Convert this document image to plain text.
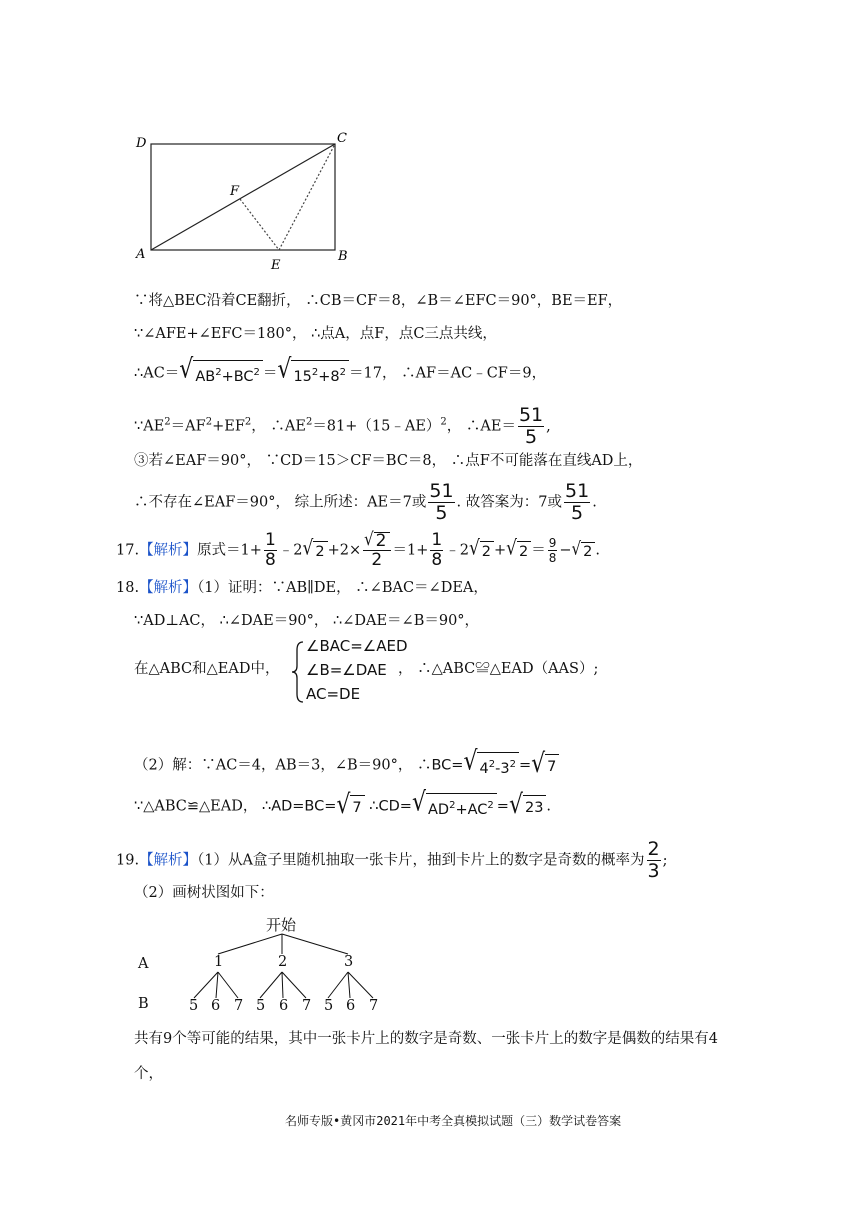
D	C
A	B
F
E
∵将△BEC沿着CE翻折， ∴CB＝CF＝8，∠B＝∠EFC＝90°，BE＝EF，
∵∠AFE+∠EFC＝180°， ∴点A，点F，点C三点共线，
∴AC＝ √ $AB^2+BC^2$ ＝ √ $15^2+8^2 =17$， ∴AF＝AC﹣CF＝9，
$\because AE^2=AF^2+EF^2$， $\therefore AE^2=81+(15﹣AE)^2$， ∴AE＝ $\frac{51}{5}$ ,
③若∠EAF＝90°， ∵CD＝15＞CF＝BC＝8， ∴点F不可能落在直线AD上，
∴不存在∠EAF＝90°， 综上所述：AE＝7或 $\frac{51}{5}$ . 故答案为：7或 $\frac{51}{5}$ .
17.【解析】原式$=1+ \frac{1}{8}$ ﹣2 √ $2 +2\times \frac{√ 2}{2} =1+ \frac{1}{8}$ ﹣2 √ 2 + √ $2 = \frac{9}{8}$ − √ 2 .
18.【解析】（1）证明：∵AB∥DE， ∴∠BAC＝∠DEA，
∵AD⊥AC， ∴∠DAE＝90°， ∴∠DAE＝∠B＝90°，
在△ABC和△EAD中，
∠BAC=∠AED
∠B=∠DAE
AC=DE
， ∴△ABC≌△EAD（AAS）;
（2）解：∵AC＝4，AB＝3，∠B＝90°， ∴BC= √ $4^2-3^2$ = √ 7
∵△ABC≌△EAD， ∴AD=BC= √ 7 ∴CD= √ $AD^2+AC^2$ = √ 23 .
19.【解析】（1）从A盒子里随机抽取一张卡片，抽到卡片上的数字是奇数的概率为 $\frac{2}{3}$ ;
（2）画树状图如下：
开始
A
B
1	2	3
5 6 7 5 6 7 5 6 7
共有9个等可能的结果，其中一张卡片上的数字是奇数、一张卡片上的数字是偶数的结果有4
个，
名师专版•黄冈市2021年中考全真模拟试题（三）数学试卷答案
